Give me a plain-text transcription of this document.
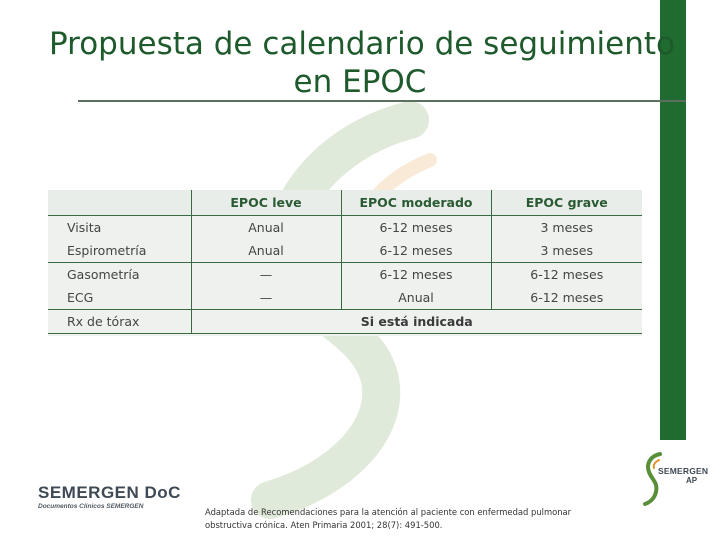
Propuesta de calendario de seguimiento
en EPOC
	EPOC leve	EPOC moderado	EPOC grave
Visita	Anual	6-12 meses	3 meses
Espirometría	Anual	6-12 meses	3 meses
Gasometría	—	6-12 meses	6-12 meses
ECG	—	Anual	6-12 meses
Rx de tórax	Si está indicada		
SEMERGEN DoC
Documentos Clínicos SEMERGEN
SEMERGEN
AP
Adaptada de Recomendaciones para la atención al paciente con enfermedad pulmonar
obstructiva crónica. Aten Primaria 2001; 28(7): 491-500.
